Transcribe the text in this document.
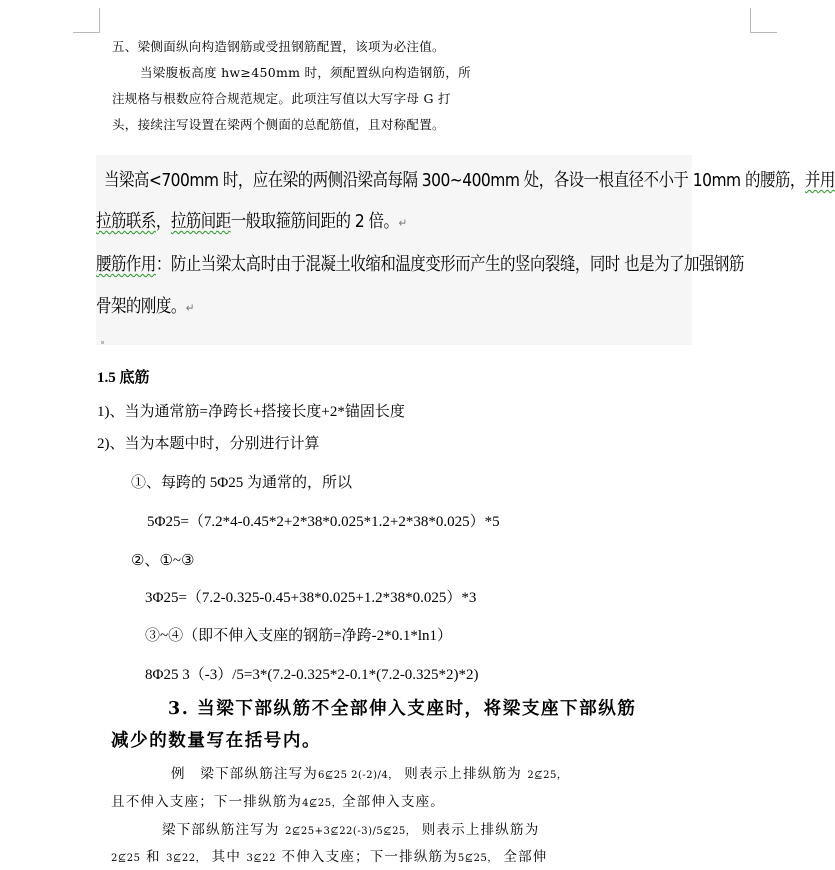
五、梁侧面纵向构造钢筋或受扭钢筋配置，该项为必注值。
当梁腹板高度 hw≥450mm 时，须配置纵向构造钢筋，所
注规格与根数应符合规范规定。此项注写值以大写字母 G 打
头，接续注写设置在梁两个侧面的总配筋值，且对称配置。
当梁高<700mm 时，应在梁的两侧沿梁高每隔 300~400mm 处，各设一根直径不小于 10mm 的腰筋，并用
拉筋联系，拉筋间距一般取箍筋间距的 2 倍。↵
腰筋作用：防止当梁太高时由于混凝土收缩和温度变形而产生的竖向裂缝，同时 也是为了加强钢筋
骨架的刚度。↵
1.5 底筋
1)、当为通常筋=净跨长+搭接长度+2*锚固长度
2)、当为本题中时，分别进行计算
①、每跨的 5Φ25 为通常的，所以
5Φ25=（7.2*4-0.45*2+2*38*0.025*1.2+2*38*0.025）*5
②、①~③
3Φ25=（7.2-0.325-0.45+38*0.025+1.2*38*0.025）*3
③~④（即不伸入支座的钢筋=净跨-2*0.1*ln1）
8Φ25 3（-3）/5=3*(7.2-0.325*2-0.1*(7.2-0.325*2)*2)
3. 当梁下部纵筋不全部伸入支座时，将梁支座下部纵筋
减少的数量写在括号内。
例　梁下部纵筋注写为6⊈25 2(-2)/4， 则表示上排纵筋为 2⊈25，
且不伸入支座；下一排纵筋为4⊈25，全部伸入支座。
梁下部纵筋注写为 2⊈25+3⊈22(-3)/5⊈25， 则表示上排纵筋为
2⊈25 和 3⊈22， 其中 3⊈22 不伸入支座；下一排纵筋为5⊈25， 全部伸
